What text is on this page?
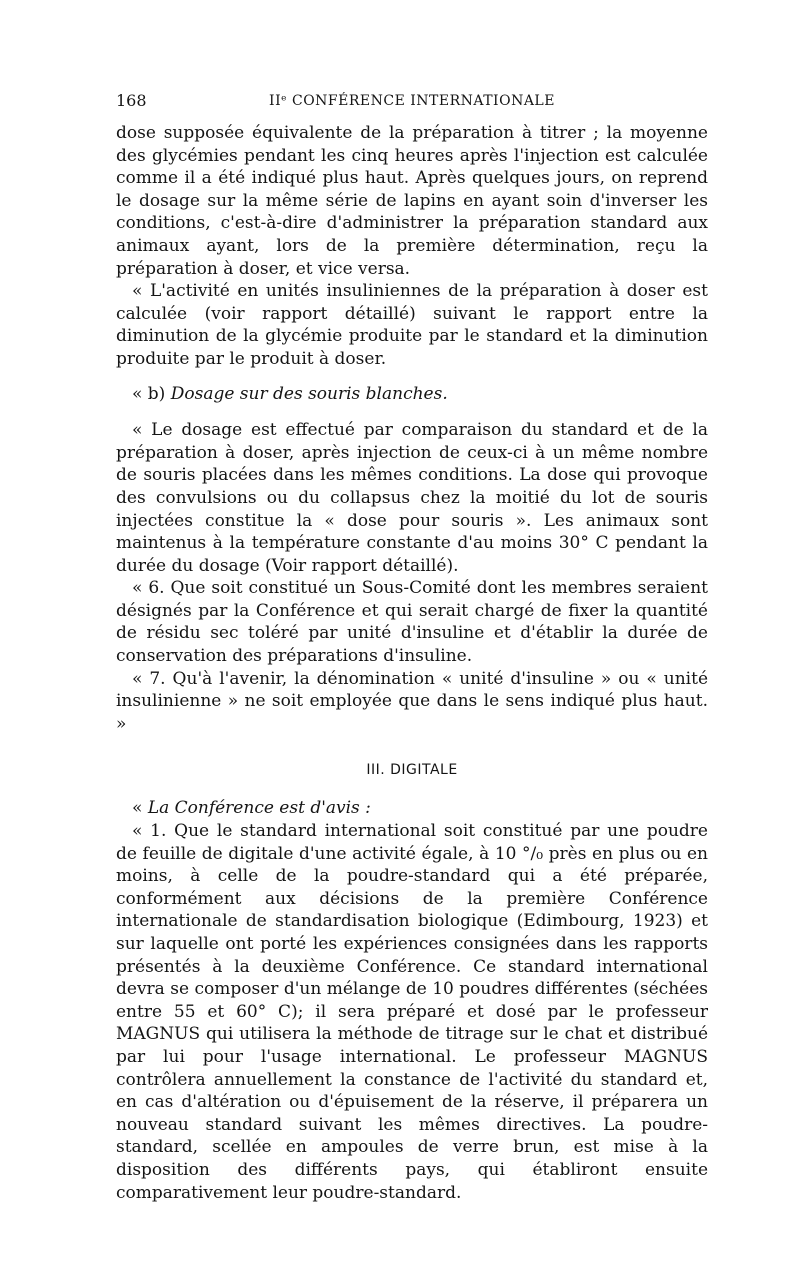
168	IIᵉ CONFÉRENCE INTERNATIONALE

dose supposée équivalente de la préparation à titrer ; la moyenne des glycémies pendant les cinq heures après l'injection est calculée comme il a été indiqué plus haut. Après quelques jours, on reprend le dosage sur la même série de lapins en ayant soin d'inverser les conditions, c'est-à-dire d'administrer la préparation standard aux animaux ayant, lors de la première détermination, reçu la préparation à doser, et vice versa.

« L'activité en unités insuliniennes de la préparation à doser est calculée (voir rapport détaillé) suivant le rapport entre la diminution de la glycémie produite par le standard et la diminution produite par le produit à doser.

« b) Dosage sur des souris blanches.

« Le dosage est effectué par comparaison du standard et de la préparation à doser, après injection de ceux-ci à un même nombre de souris placées dans les mêmes conditions. La dose qui provoque des convulsions ou du collapsus chez la moitié du lot de souris injectées constitue la « dose pour souris ». Les animaux sont maintenus à la température constante d'au moins 30° C pendant la durée du dosage (Voir rapport détaillé).

« 6. Que soit constitué un Sous-Comité dont les membres seraient désignés par la Conférence et qui serait chargé de fixer la quantité de résidu sec toléré par unité d'insuline et d'établir la durée de conservation des préparations d'insuline.

« 7. Qu'à l'avenir, la dénomination « unité d'insuline » ou « unité insulinienne » ne soit employée que dans le sens indiqué plus haut. »

III. DIGITALE

« La Conférence est d'avis :

« 1. Que le standard international soit constitué par une poudre de feuille de digitale d'une activité égale, à 10 °/₀ près en plus ou en moins, à celle de la poudre-standard qui a été préparée, conformément aux décisions de la première Conférence internationale de standardisation biologique (Edimbourg, 1923) et sur laquelle ont porté les expériences consignées dans les rapports présentés à la deuxième Conférence. Ce standard international devra se composer d'un mélange de 10 poudres différentes (séchées entre 55 et 60° C); il sera préparé et dosé par le professeur MAGNUS qui utilisera la méthode de titrage sur le chat et distribué par lui pour l'usage international. Le professeur MAGNUS contrôlera annuellement la constance de l'activité du standard et, en cas d'altération ou d'épuisement de la réserve, il préparera un nouveau standard suivant les mêmes directives. La poudre-standard, scellée en ampoules de verre brun, est mise à la disposition des différents pays, qui établiront ensuite comparativement leur poudre-standard.
